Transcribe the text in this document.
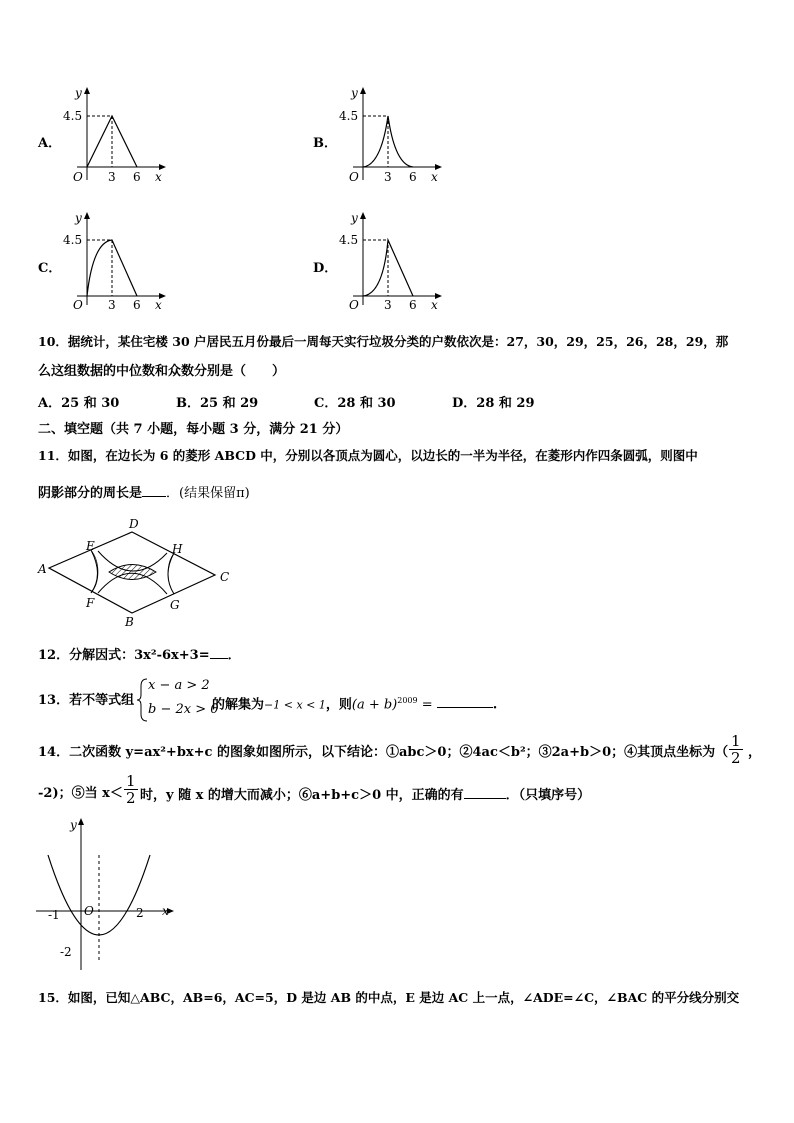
A．	B．
C．	D．
y
x
O
4.5
3 6
y
x
O
4.5
3 6
y
x
O
4.5
3 6
y
x
O
4.5
3 6
10．据统计，某住宅楼 30 户居民五月份最后一周每天实行垃圾分类的户数依次是：27，30，29，25，26，28，29，那
么这组数据的中位数和众数分别是（　　）
A．25 和 30	B．25 和 29	C．28 和 30	D．28 和 29
二、填空题（共 7 小题，每小题 3 分，满分 21 分）
11．如图，在边长为 6 的菱形 ABCD 中，分别以各顶点为圆心，以边长的一半为半径，在菱形内作四条圆弧，则图中
阴影部分的周长是 ．(结果保留π)
A
D
C
B
E
F
H
G
12．分解因式：3x²-6x+3= ．
13．若不等式组
x − a > 2
b − 2x > 0
的解集为−1 < x < 1，则$(a + b)^{2009}$ =	.
14．二次函数 y=ax²+bx+c 的图象如图所示，以下结论：①abc＞0；②4ac＜b²；③2a+b＞0；④其顶点坐标为（ $\frac{1}{2}$ ，
-2)；⑤当 $x< \frac{1}{2}$ 时，y 随 x 的增大而减小；⑥a+b+c＞0 中，正确的有	．（只填序号）
y
x
O
-1	2
-2
15．如图，已知△ABC，AB=6，AC=5，D 是边 AB 的中点，E 是边 AC 上一点，∠ADE=∠C，∠BAC 的平分线分别交
